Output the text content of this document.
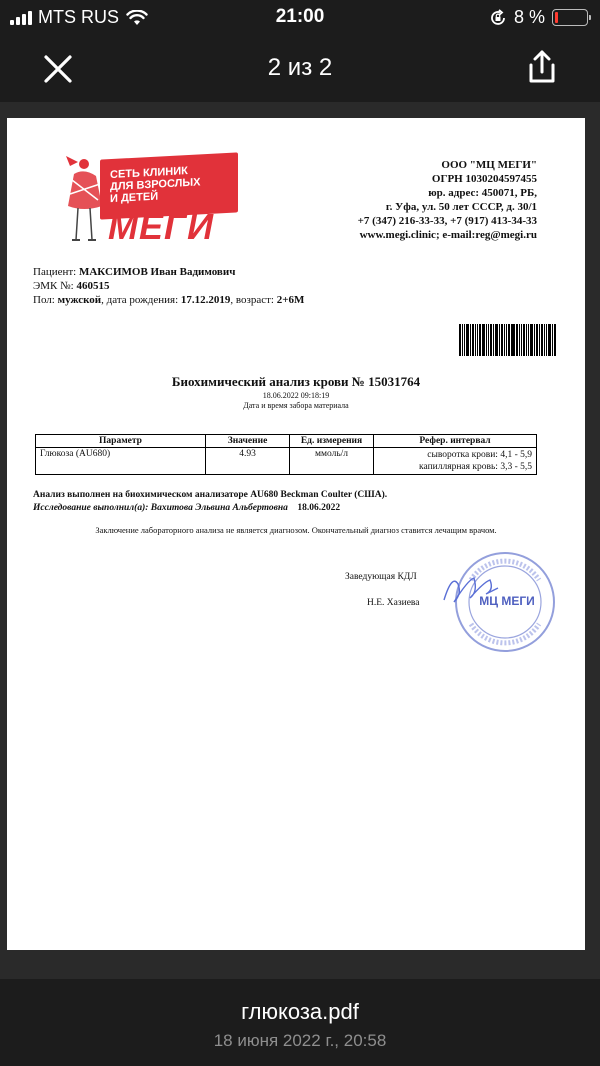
MTS RUS	21:00	8 %
2 из 2
СЕТЬ КЛИНИК
ДЛЯ ВЗРОСЛЫХ
И ДЕТЕЙ
МЕГИ
ООО "МЦ МЕГИ"
ОГРН 1030204597455
юр. адрес: 450071, РБ,
г. Уфа, ул. 50 лет СССР, д. 30/1
+7 (347) 216-33-33, +7 (917) 413-34-33
www.megi.clinic; e-mail:reg@megi.ru
Пациент: МАКСИМОВ Иван Вадимович
ЭМК №: 460515
Пол: мужской, дата рождения: 17.12.2019, возраст: 2+6М
Биохимический анализ крови № 15031764
18.06.2022 09:18:19
Дата и время забора материала
Параметр	Значение	Ед. измерения	Рефер. интервал
Глюкоза (AU680)	4.93	ммоль/л	сыворотка крови: 4,1 - 5,9
капиллярная кровь: 3,3 - 5,5
Анализ выполнен на биохимическом анализаторе AU680 Beckman Coulter (США).
Исследование выполнил(а): Вахитова Эльвина Альбертовна 18.06.2022
Заключение лабораторного анализа не является диагнозом. Окончательный диагноз ставится лечащим врачом.
Заведующая КДЛ
Н.Е. Хазиева	МЦ МЕГИ
глюкоза.pdf
18 июня 2022 г., 20:58
